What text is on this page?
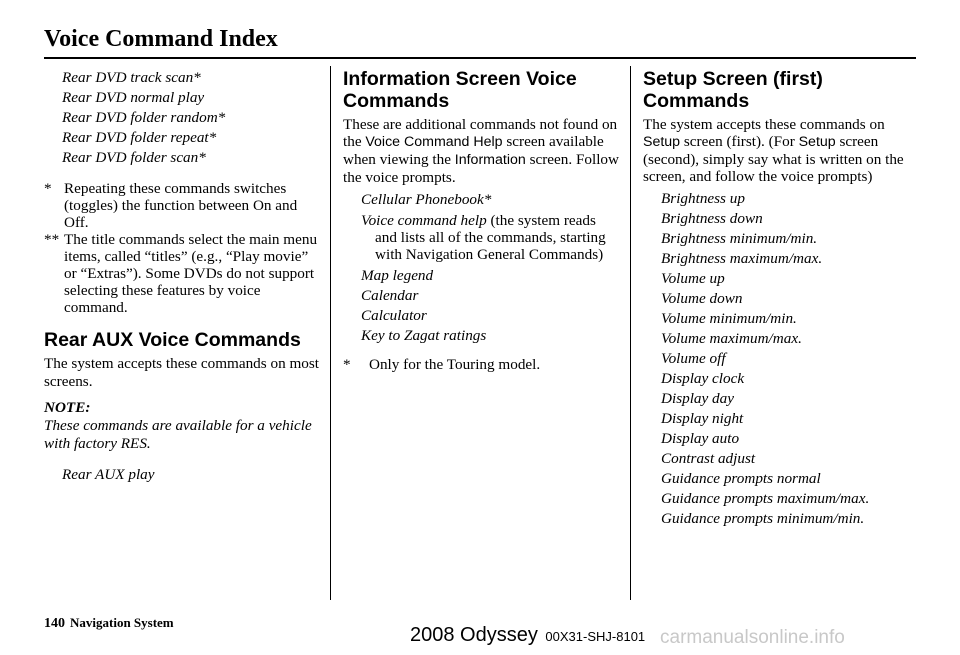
Voice Command Index
Rear DVD track scan*
Rear DVD normal play
Rear DVD folder random*
Rear DVD folder repeat*
Rear DVD folder scan*
* Repeating these commands switches (toggles) the function between On and Off.
** The title commands select the main menu items, called “titles” (e.g., “Play movie” or “Extras”). Some DVDs do not support selecting these features by voice command.
Rear AUX Voice Commands
The system accepts these commands on most screens.
NOTE:
These commands are available for a vehicle with factory RES.
Rear AUX play
Information Screen Voice Commands
These are additional commands not found on the Voice Command Help screen available when viewing the Information screen. Follow the voice prompts.
Cellular Phonebook*
Voice command help (the system reads and lists all of the commands, starting with Navigation General Commands)
Map legend
Calendar
Calculator
Key to Zagat ratings
* Only for the Touring model.
Setup Screen (first) Commands
The system accepts these commands on Setup screen (first). (For Setup screen (second), simply say what is written on the screen, and follow the voice prompts)
Brightness up
Brightness down
Brightness minimum/min.
Brightness maximum/max.
Volume up
Volume down
Volume minimum/min.
Volume maximum/max.
Volume off
Display clock
Display day
Display night
Display auto
Contrast adjust
Guidance prompts normal
Guidance prompts maximum/max.
Guidance prompts minimum/min.
140 Navigation System
2008 Odyssey 00X31-SHJ-8101 carmanualsonline.info
